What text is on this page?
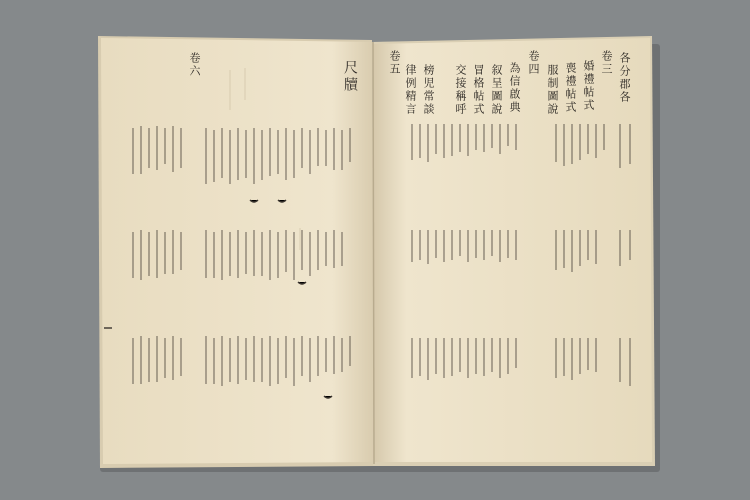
卷六	尺牘	卷三
卷四
卷五	各分郡各
婚禮帖式
喪禮帖式
服制圖說
為信啟典
叙呈圖說
冒格帖式
交接稱呼
榜児常談
律例精言
